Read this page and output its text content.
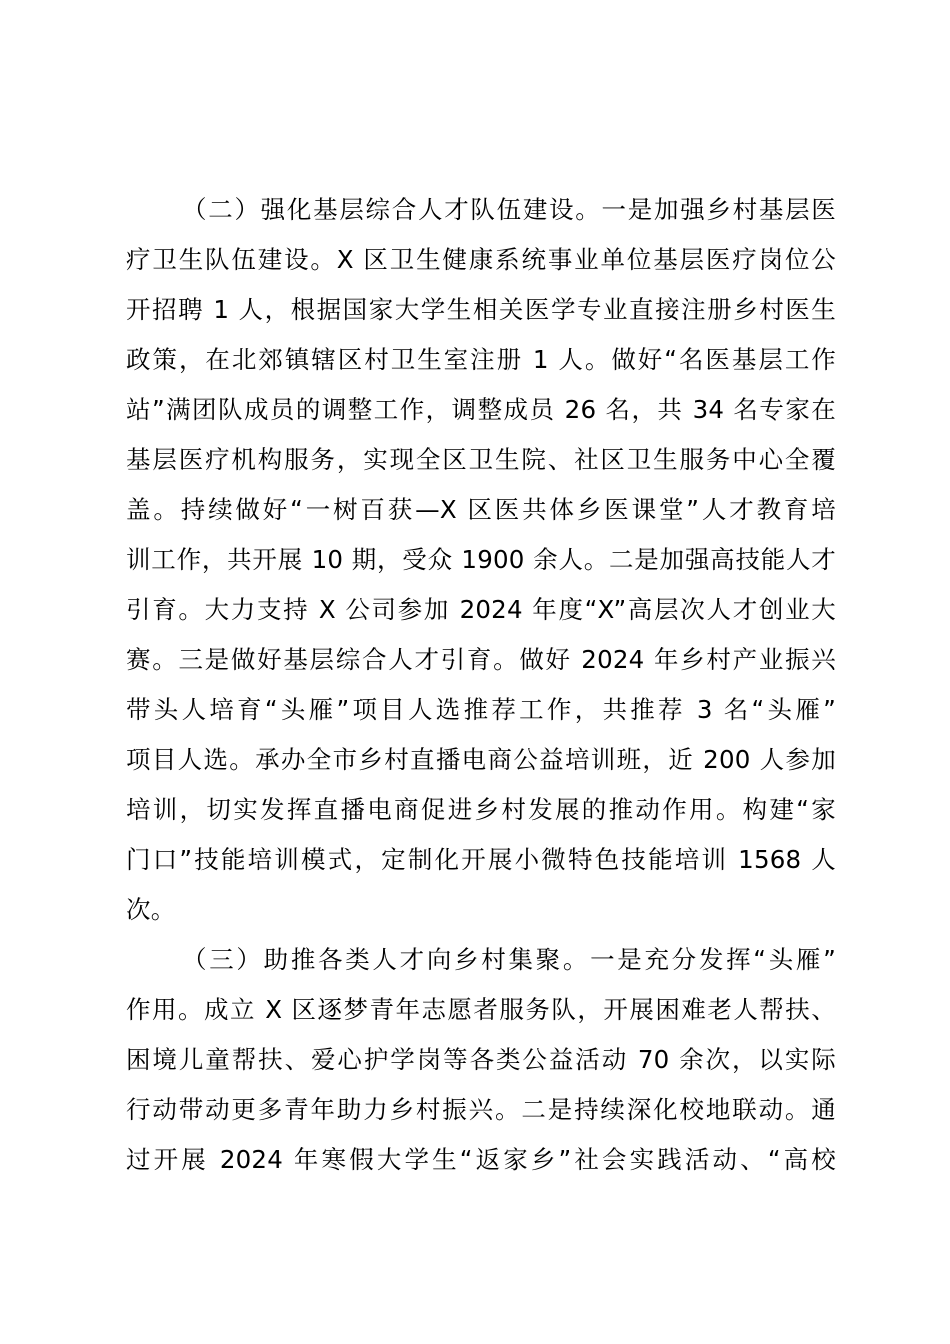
（二）强化基层综合人才队伍建设。一是加强乡村基层医
疗卫生队伍建设。X 区卫生健康系统事业单位基层医疗岗位公
开招聘 1 人，根据国家大学生相关医学专业直接注册乡村医生
政策，在北郊镇辖区村卫生室注册 1 人。做好“名医基层工作
站”满团队成员的调整工作，调整成员 26 名，共 34 名专家在
基层医疗机构服务，实现全区卫生院、社区卫生服务中心全覆
盖。持续做好“一树百获—X 区医共体乡医课堂”人才教育培
训工作，共开展 10 期，受众 1900 余人。二是加强高技能人才
引育。大力支持 X 公司参加 2024 年度“X”高层次人才创业大
赛。三是做好基层综合人才引育。做好 2024 年乡村产业振兴
带头人培育“头雁”项目人选推荐工作，共推荐 3 名“头雁”
项目人选。承办全市乡村直播电商公益培训班，近 200 人参加
培训，切实发挥直播电商促进乡村发展的推动作用。构建“家
门口”技能培训模式，定制化开展小微特色技能培训 1568 人
次。
（三）助推各类人才向乡村集聚。一是充分发挥“头雁”
作用。成立 X 区逐梦青年志愿者服务队，开展困难老人帮扶、
困境儿童帮扶、爱心护学岗等各类公益活动 70 余次，以实际
行动带动更多青年助力乡村振兴。二是持续深化校地联动。通
过开展 2024 年寒假大学生“返家乡”社会实践活动、“高校
